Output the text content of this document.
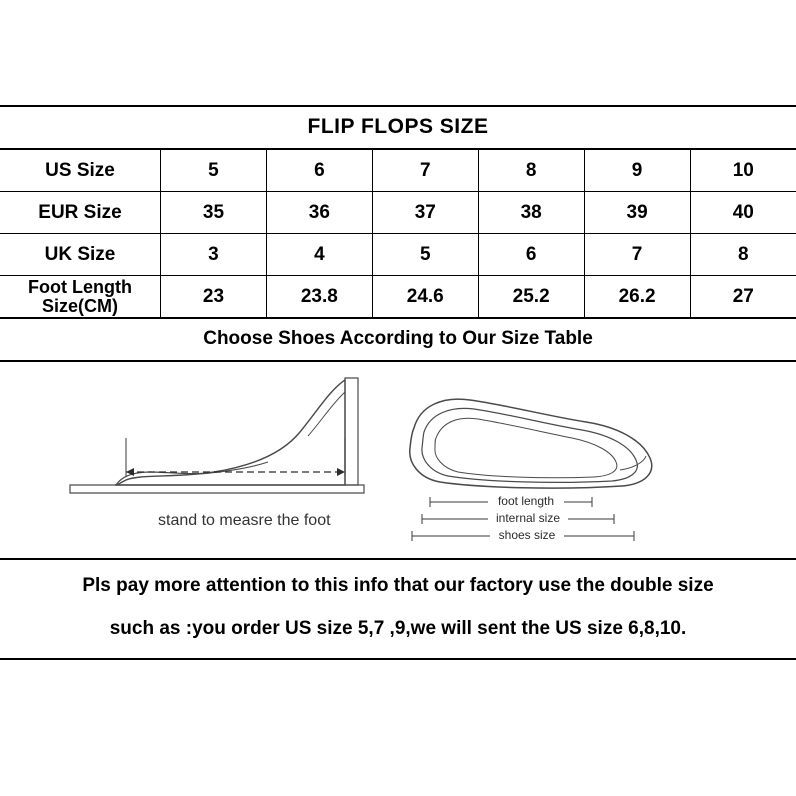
FLIP FLOPS SIZE
US Size	5	6	7	8	9	10
EUR Size	35	36	37	38	39	40
UK Size	3	4	5	6	7	8

Foot Length
Size(CM)	23	23.8	24.6	25.2	26.2	27
Choose Shoes According to Our Size Table
foot length
internal size
shoes size
stand to measre the foot

Pls pay more attention to this info that our factory use the double size

such as :you order US size 5,7 ,9,we will sent the US size 6,8,10.
